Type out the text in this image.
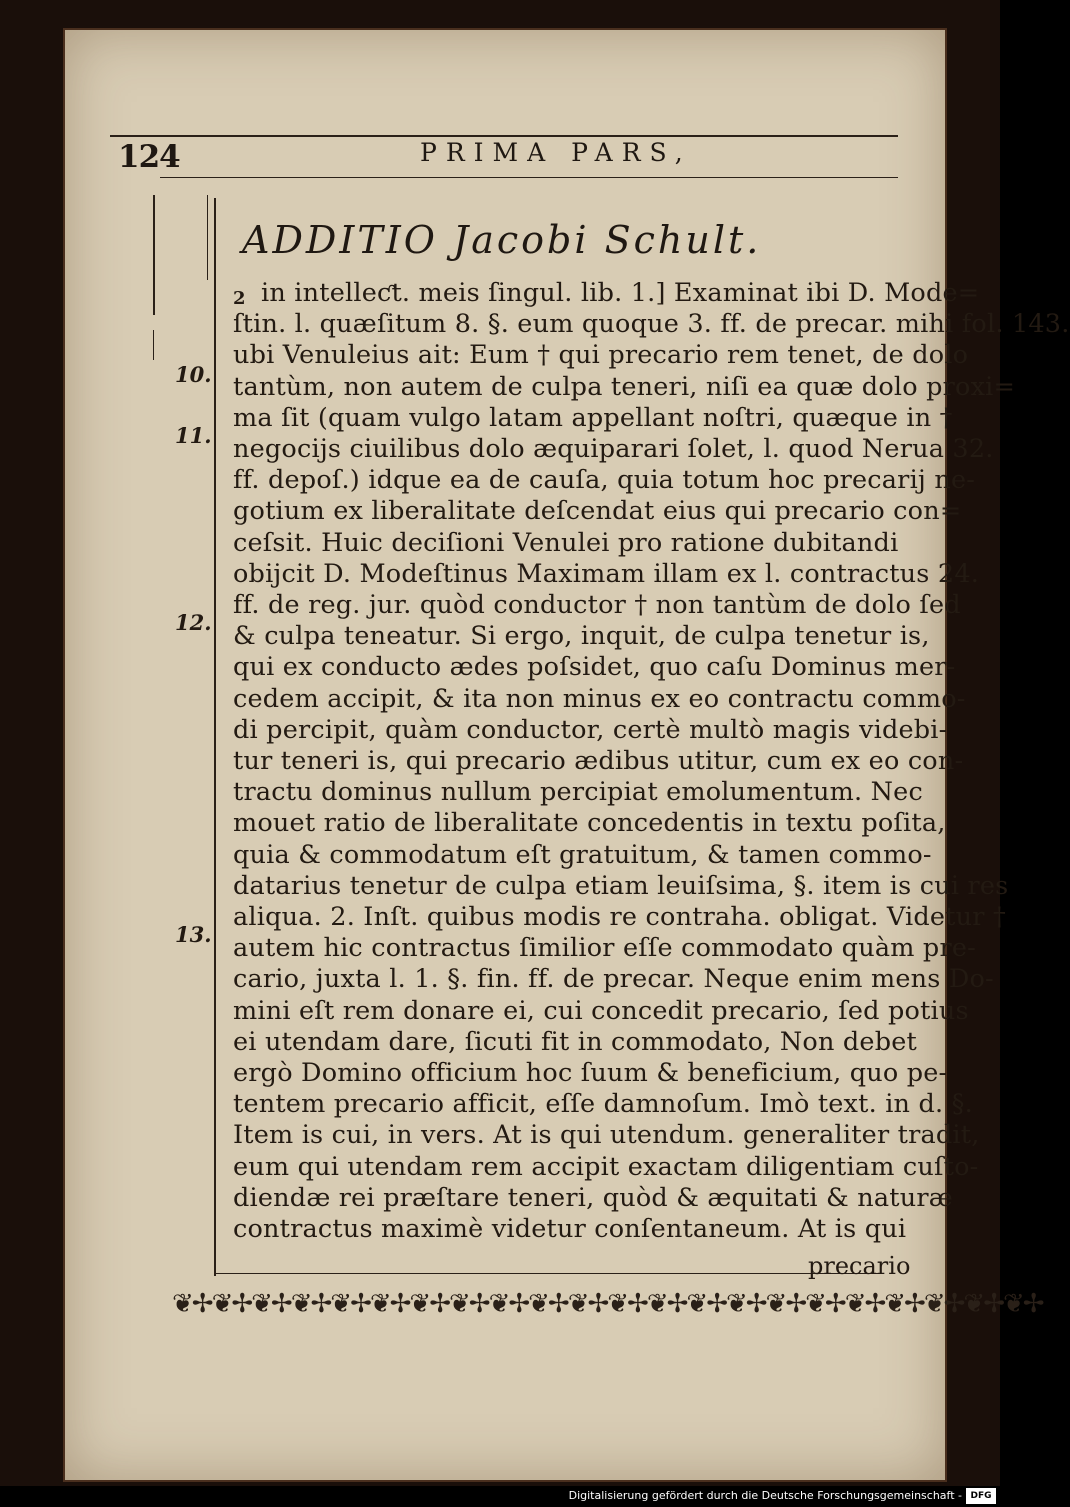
124	PRIMA PARS,
ADDITIO Jacobi Schult.
2
10.
11.
12.
13.
in intelleƈt. meis ſingul. lib. 1.] Examinat ibi D. Mode=
ſtin. l. quæſitum 8. §. eum quoque 3. ff. de precar. mihi fol. 143.
ubi Venuleius ait: Eum † qui precario rem tenet, de dolo
tantùm, non autem de culpa teneri, niſi ea quæ dolo proxi=
ma ſit (quam vulgo latam appellant noſtri, quæque in †
negocijs ciuilibus dolo æquiparari ſolet, l. quod Nerua 32.
ff. depoſ.) idque ea de cauſa, quia totum hoc precarij ne-
gotium ex liberalitate deſcendat eius qui precario con=
ceſsit. Huic deciſioni Venulei pro ratione dubitandi
obijcit D. Modeſtinus Maximam illam ex l. contractus 24.
ff. de reg. jur. quòd conductor † non tantùm de dolo ſed
& culpa teneatur. Si ergo, inquit, de culpa tenetur is,
qui ex conducto ædes poſsidet, quo caſu Dominus mer-
cedem accipit, & ita non minus ex eo contractu commo-
di percipit, quàm conductor, certè multò magis videbi-
tur teneri is, qui precario ædibus utitur, cum ex eo con-
tractu dominus nullum percipiat emolumentum. Nec
mouet ratio de liberalitate concedentis in textu poſita,
quia & commodatum eſt gratuitum, & tamen commo-
datarius tenetur de culpa etiam leuiſsima, §. item is cui res
aliqua. 2. Inſt. quibus modis re contraha. obligat. Videtur †
autem hic contractus ſimilior eſſe commodato quàm pre-
cario, juxta l. 1. §. fin. ff. de precar. Neque enim mens Do-
mini eſt rem donare ei, cui concedit precario, ſed potius
ei utendam dare, ſicuti fit in commodato, Non debet
ergò Domino officium hoc ſuum & beneficium, quo pe-
tentem precario afficit, eſſe damnoſum. Imò text. in d. §.
Item is cui, in vers. At is qui utendum. generaliter tradit,
eum qui utendam rem accipit exactam diligentiam cuſto-
diendæ rei præſtare teneri, quòd & æquitati & naturæ
contractus maximè videtur conſentaneum. At is qui
precario
❦✢❦✢❦✢❦✢❦✢❦✢❦✢❦✢❦✢❦✢❦✢❦✢❦✢❦✢❦✢❦✢❦✢❦✢❦✢❦✢❦✢❦✢
Digitalisierung gefördert durch die Deutsche Forschungsgemeinschaft - DFG
